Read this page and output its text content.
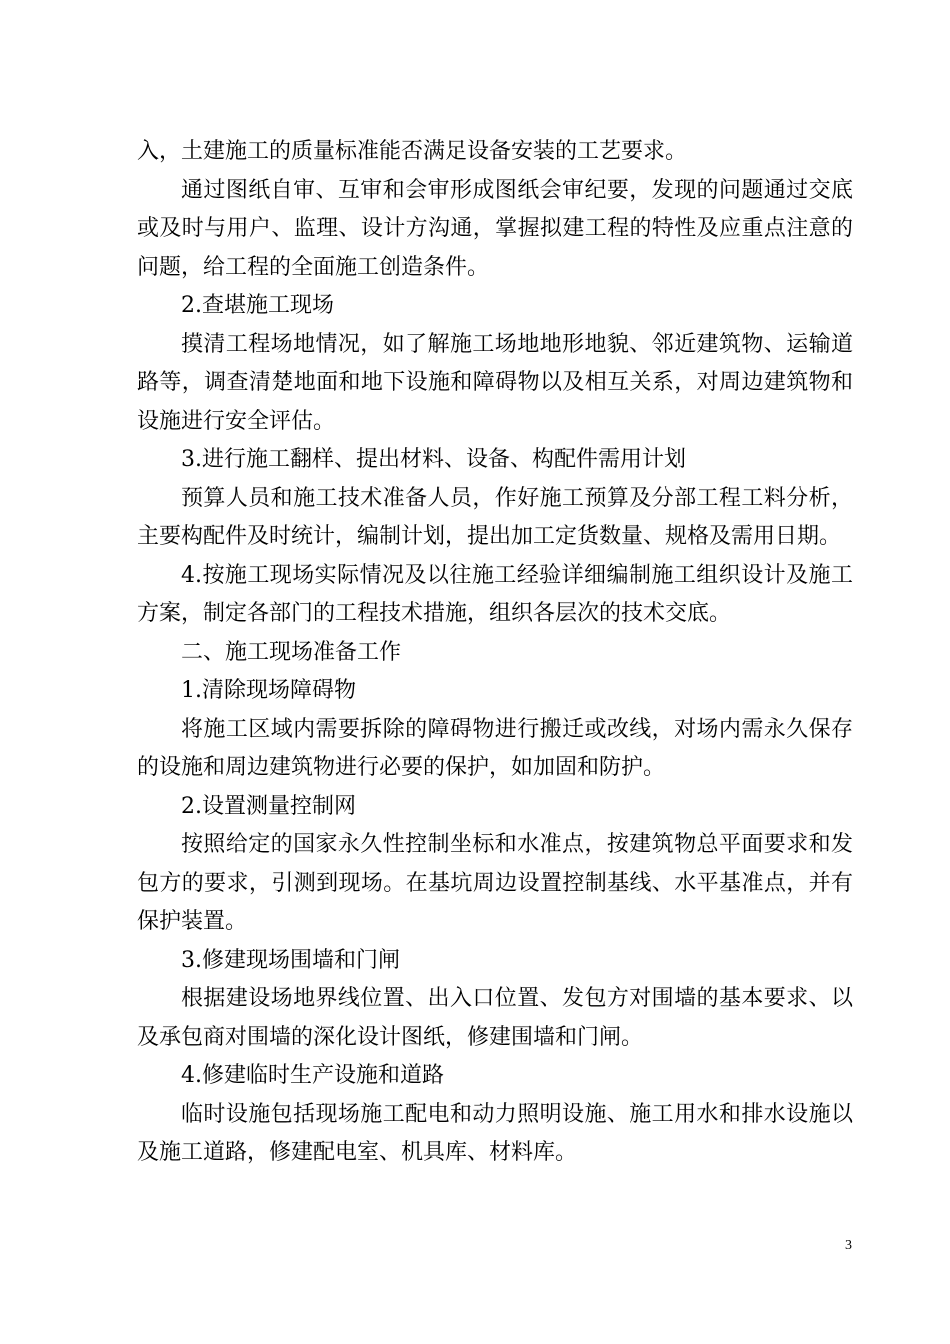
入，土建施工的质量标准能否满足设备安装的工艺要求。

通过图纸自审、互审和会审形成图纸会审纪要，发现的问题通过交底或及时与用户、监理、设计方沟通，掌握拟建工程的特性及应重点注意的问题，给工程的全面施工创造条件。

2.查堪施工现场

摸清工程场地情况，如了解施工场地地形地貌、邻近建筑物、运输道路等，调查清楚地面和地下设施和障碍物以及相互关系，对周边建筑物和设施进行安全评估。

3.进行施工翻样、提出材料、设备、构配件需用计划

预算人员和施工技术准备人员，作好施工预算及分部工程工料分析，主要构配件及时统计，编制计划，提出加工定货数量、规格及需用日期。

4.按施工现场实际情况及以往施工经验详细编制施工组织设计及施工方案，制定各部门的工程技术措施，组织各层次的技术交底。

二、施工现场准备工作

1.清除现场障碍物

将施工区域内需要拆除的障碍物进行搬迁或改线，对场内需永久保存的设施和周边建筑物进行必要的保护，如加固和防护。

2.设置测量控制网

按照给定的国家永久性控制坐标和水准点，按建筑物总平面要求和发包方的要求，引测到现场。在基坑周边设置控制基线、水平基准点，并有保护装置。

3.修建现场围墙和门闸

根据建设场地界线位置、出入口位置、发包方对围墙的基本要求、以及承包商对围墙的深化设计图纸，修建围墙和门闸。

4.修建临时生产设施和道路

临时设施包括现场施工配电和动力照明设施、施工用水和排水设施以及施工道路，修建配电室、机具库、材料库。

3
